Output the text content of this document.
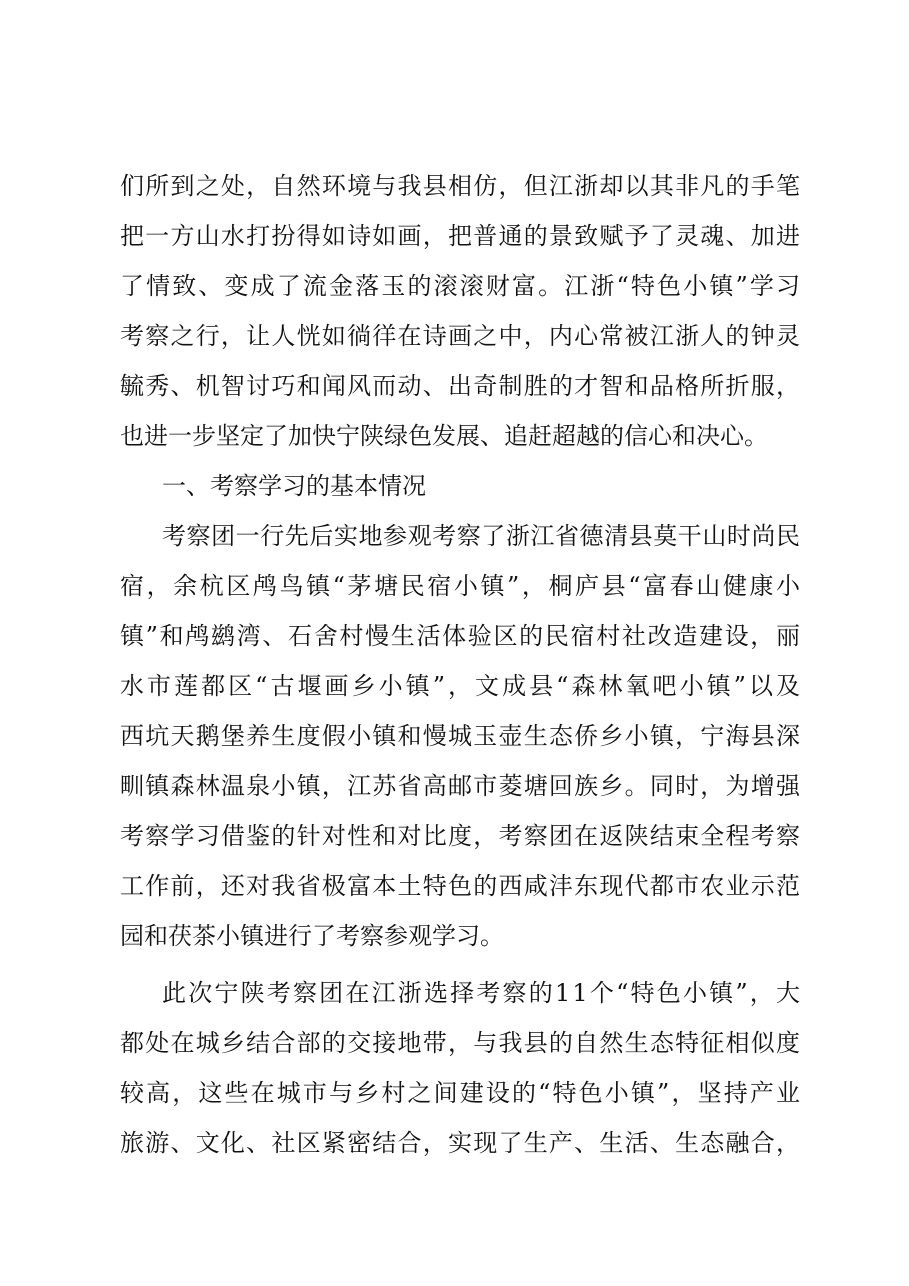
们所到之处，自然环境与我县相仿，但江浙却以其非凡的手笔
把一方山水打扮得如诗如画，把普通的景致赋予了灵魂、加进
了情致、变成了流金落玉的滚滚财富。江浙“特色小镇”学习
考察之行，让人恍如徜徉在诗画之中，内心常被江浙人的钟灵
毓秀、机智讨巧和闻风而动、出奇制胜的才智和品格所折服，
也进一步坚定了加快宁陕绿色发展、追赶超越的信心和决心。
一、考察学习的基本情况
考察团一行先后实地参观考察了浙江省德清县莫干山时尚民
宿，余杭区鸬鸟镇“茅塘民宿小镇”，桐庐县“富春山健康小
镇”和鸬鹚湾、石舍村慢生活体验区的民宿村社改造建设，丽
水市莲都区“古堰画乡小镇”，文成县“森林氧吧小镇”以及
西坑天鹅堡养生度假小镇和慢城玉壶生态侨乡小镇，宁海县深
甽镇森林温泉小镇，江苏省高邮市菱塘回族乡。同时，为增强
考察学习借鉴的针对性和对比度，考察团在返陕结束全程考察
工作前，还对我省极富本土特色的西咸沣东现代都市农业示范
园和茯茶小镇进行了考察参观学习。
此次宁陕考察团在江浙选择考察的11个“特色小镇”，大
都处在城乡结合部的交接地带，与我县的自然生态特征相似度
较高，这些在城市与乡村之间建设的“特色小镇”，坚持产业
旅游、文化、社区紧密结合，实现了生产、生活、生态融合，
